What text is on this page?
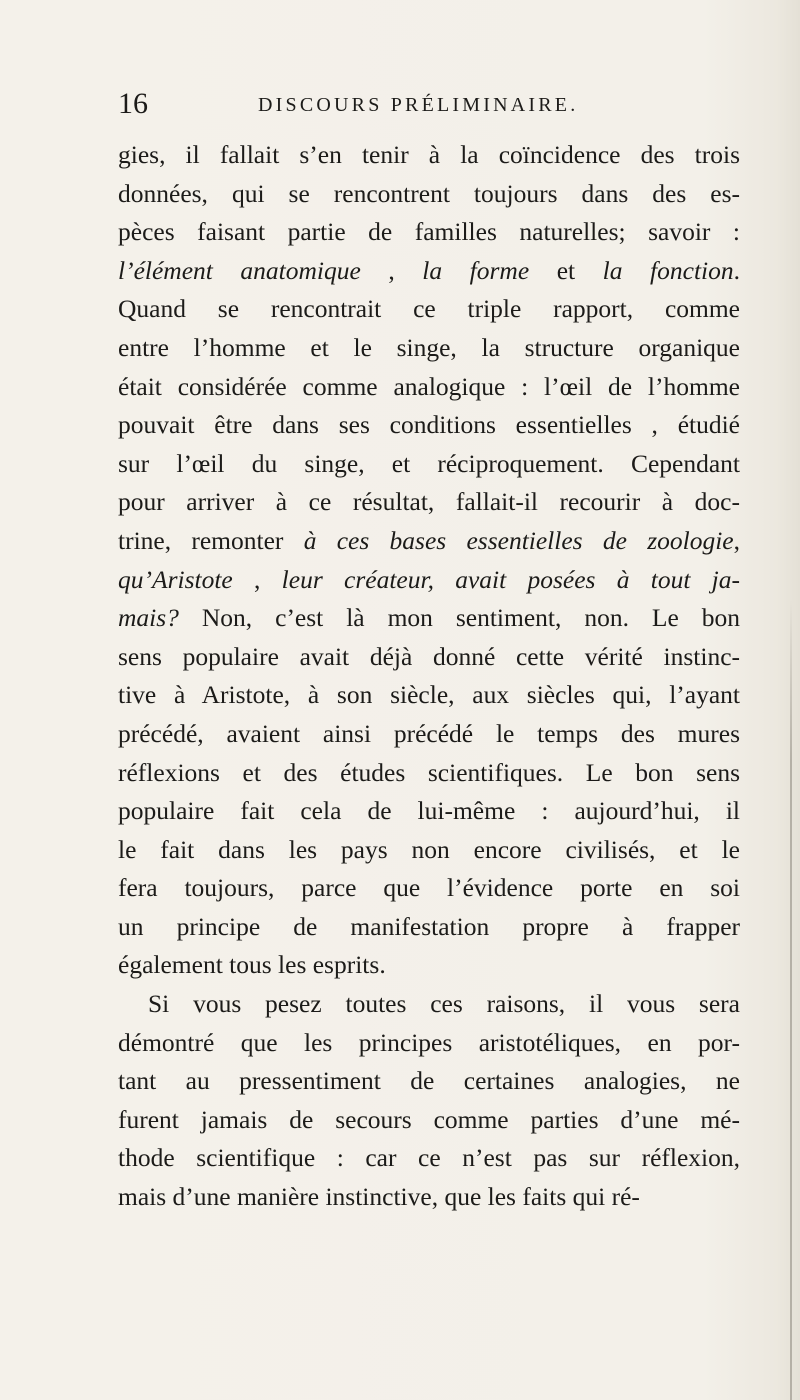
16	DISCOURS PRÉLIMINAIRE.
gies, il fallait s’en tenir à la coïncidence des trois
données, qui se rencontrent toujours dans des es-
pèces faisant partie de familles naturelles; savoir :
l’élément anatomique , la forme et la fonction.
Quand se rencontrait ce triple rapport, comme
entre l’homme et le singe, la structure organique
était considérée comme analogique : l’œil de l’homme
pouvait être dans ses conditions essentielles , étudié
sur l’œil du singe, et réciproquement. Cependant
pour arriver à ce résultat, fallait-il recourir à doc-
trine, remonter à ces bases essentielles de zoologie,
qu’Aristote , leur créateur, avait posées à tout ja-
mais? Non, c’est là mon sentiment, non. Le bon
sens populaire avait déjà donné cette vérité instinc-
tive à Aristote, à son siècle, aux siècles qui, l’ayant
précédé, avaient ainsi précédé le temps des mures
réflexions et des études scientifiques. Le bon sens
populaire fait cela de lui-même : aujourd’hui, il
le fait dans les pays non encore civilisés, et le
fera toujours, parce que l’évidence porte en soi
un principe de manifestation propre à frapper
également tous les esprits.
Si vous pesez toutes ces raisons, il vous sera
démontré que les principes aristotéliques, en por-
tant au pressentiment de certaines analogies, ne
furent jamais de secours comme parties d’une mé-
thode scientifique : car ce n’est pas sur réflexion,
mais d’une manière instinctive, que les faits qui ré-
